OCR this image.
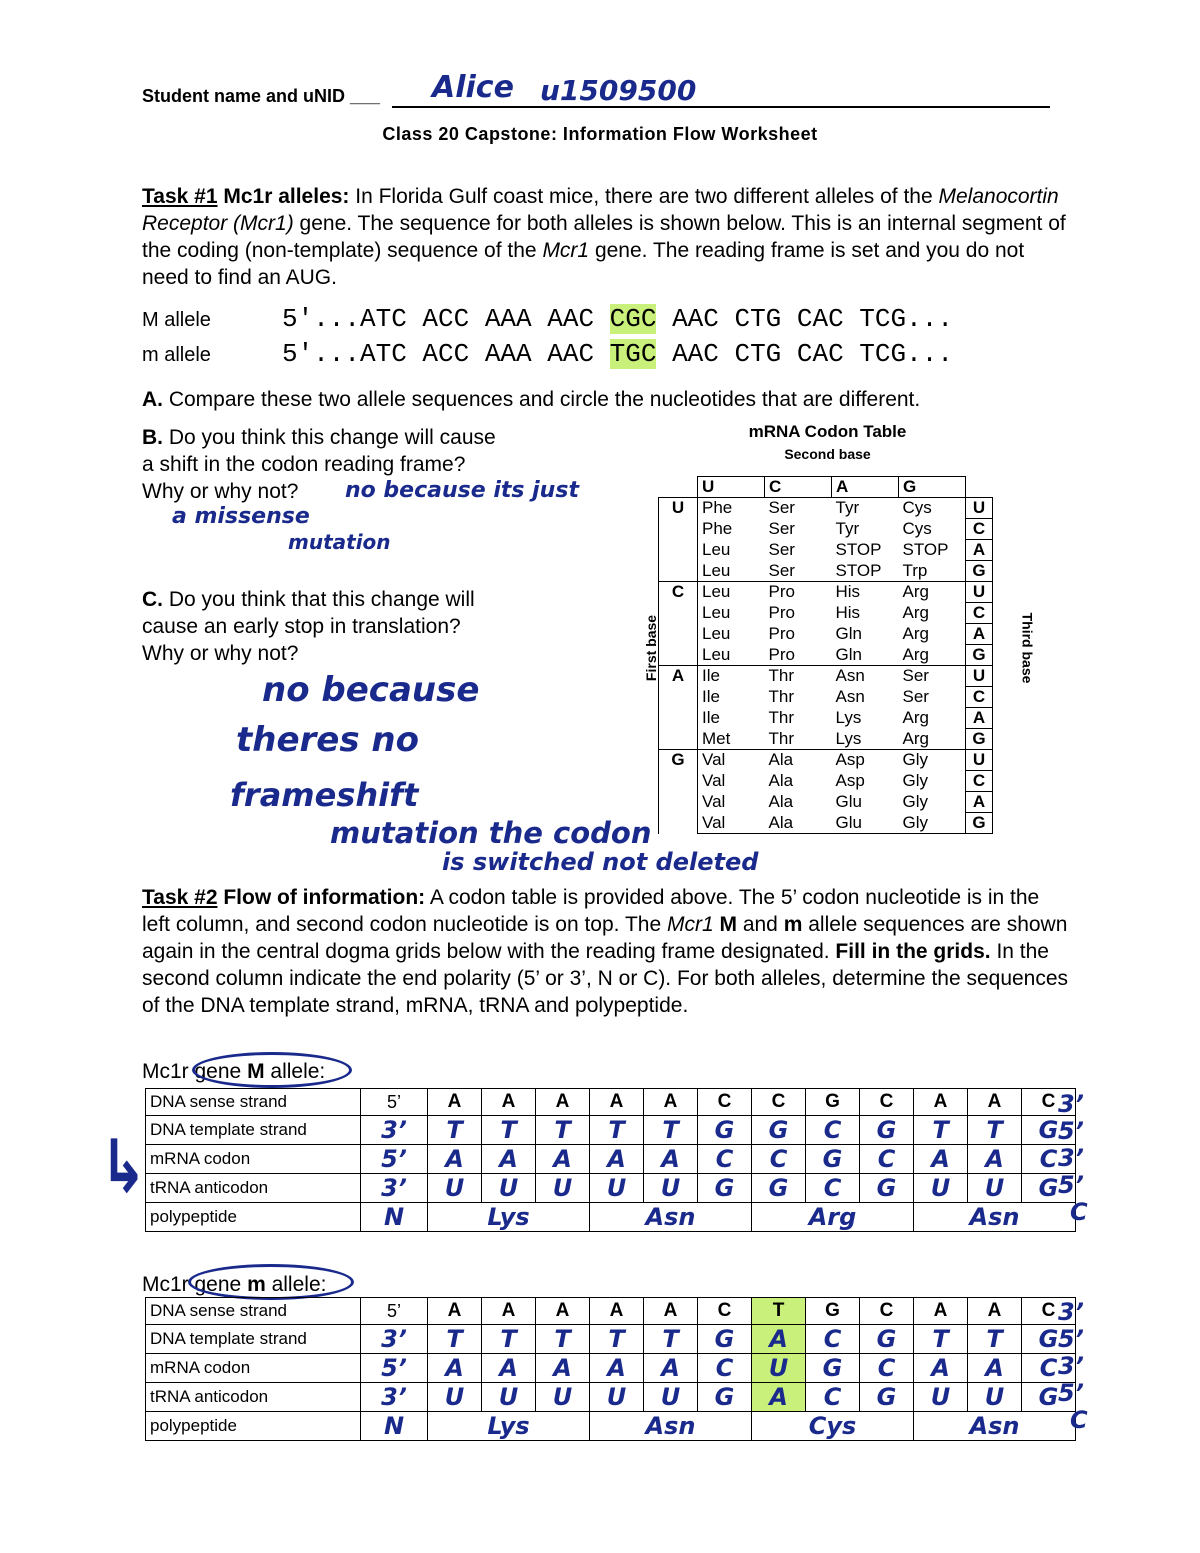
Student name and uNID ___ Alice u1509500
Class 20 Capstone: Information Flow Worksheet
Task #1 Mc1r alleles: In Florida Gulf coast mice, there are two different alleles of the Melanocortin Receptor (Mcr1) gene. The sequence for both alleles is shown below. This is an internal segment of the coding (non-template) sequence of the Mcr1 gene. The reading frame is set and you do not need to find an AUG.
M allele	5′...ATC ACC AAA AAC CGC AAC CTG CAC TCG...
m allele	5′...ATC ACC AAA AAC TGC AAC CTG CAC TCG...
A. Compare these two allele sequences and circle the nucleotides that are different.
B. Do you think this change will cause
a shift in the codon reading frame?
Why or why not?	no because its just
a missense
mutation
C. Do you think that this change will
cause an early stop in translation?
Why or why not?
no because
theres no
frameshift
mutation the codon
is switched not deleted
mRNA Codon Table
Second base
First base	Third base
	U	C	A	G	
U	Phe	Ser	Tyr	Cys	U
	Phe	Ser	Tyr	Cys	C
	Leu	Ser	STOP	STOP	A
	Leu	Ser	STOP	Trp	G
C	Leu	Pro	His	Arg	U
	Leu	Pro	His	Arg	C
	Leu	Pro	Gln	Arg	A
	Leu	Pro	Gln	Arg	G
A	Ile	Thr	Asn	Ser	U
	Ile	Thr	Asn	Ser	C
	Ile	Thr	Lys	Arg	A
	Met	Thr	Lys	Arg	G
G	Val	Ala	Asp	Gly	U
	Val	Ala	Asp	Gly	C
	Val	Ala	Glu	Gly	A
	Val	Ala	Glu	Gly	G
Task #2 Flow of information: A codon table is provided above. The 5’ codon nucleotide is in the left column, and second codon nucleotide is on top. The Mcr1 M and m allele sequences are shown again in the central dogma grids below with the reading frame designated. Fill in the grids. In the second column indicate the end polarity (5’ or 3’, N or C). For both alleles, determine the sequences of the DNA template strand, mRNA, tRNA and polypeptide.
Mc1r gene M allele:
DNA sense strand	5’	A	A	A	A	A	C	C	G	C	A	A	C
DNA template strand	3’	T	T	T	T	T	G	G	C	G	T	T	G
mRNA codon	5’	A	A	A	A	A	C	C	G	C	A	A	C
tRNA anticodon	3’	U	U	U	U	U	G	G	C	G	U	U	G
polypeptide	N	Lys			Asn			Arg			Asn		
↳
Mc1r gene m allele:
DNA sense strand	5’	A	A	A	A	A	C	T	G	C	A	A	C
DNA template strand	3’	T	T	T	T	T	G	A	C	G	T	T	G
mRNA codon	5’	A	A	A	A	A	C	U	G	C	A	A	C
tRNA anticodon	3’	U	U	U	U	U	G	A	C	G	U	U	G
polypeptide	N	Lys			Asn			Cys			Asn		
3’
5’
3’
5’
C
3’
5’
3’
5’
C
